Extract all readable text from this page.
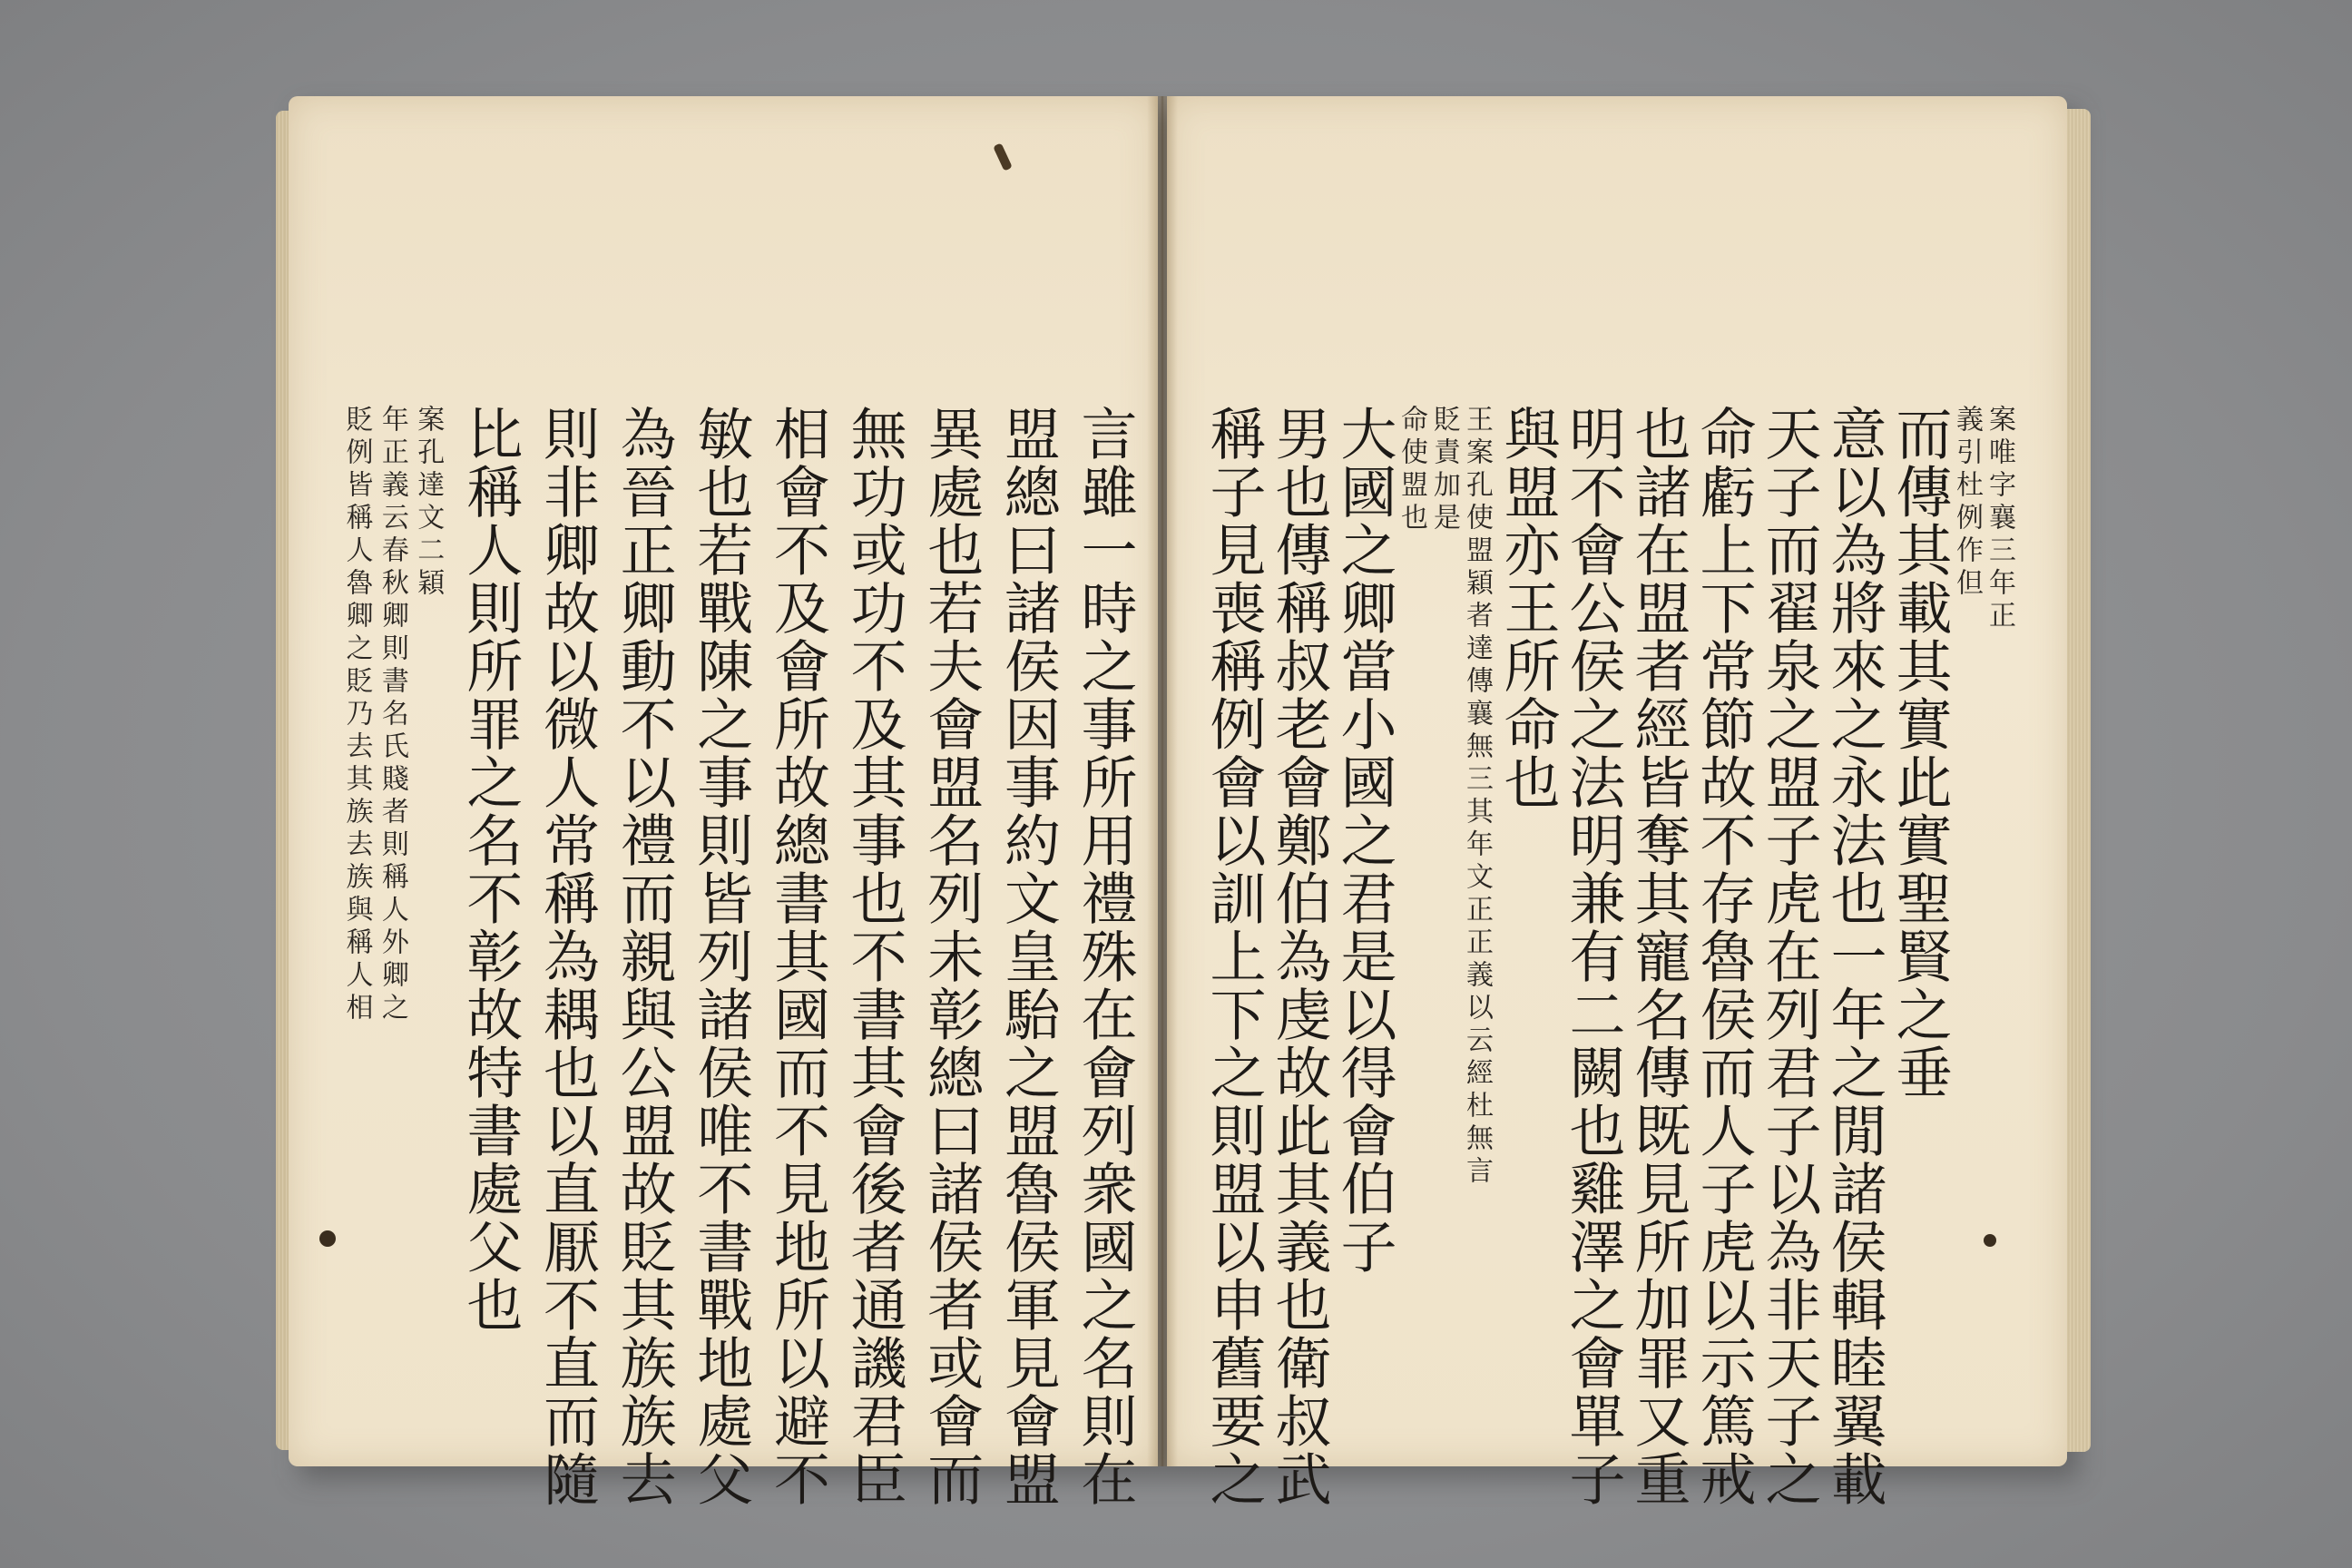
言雖一時之事所用禮殊在會列衆國之名則在
盟總曰諸侯因事約文皇駘之盟魯侯軍見會盟
異處也若夫會盟名列未彰總曰諸侯者或會而
無功或功不及其事也不書其會後者通譏君臣
相會不及會所故總書其國而不見地所以避不
敏也若戰陳之事則皆列諸侯唯不書戰地處父
為晉正卿動不以禮而親與公盟故貶其族族去
則非卿故以微人常稱為耦也以直厭不直而隨
比稱人則所罪之名不彰故特書處父也
案孔達文二穎
年正義云春秋卿則書名氏賤者則稱人外卿之
貶例皆稱人魯卿之貶乃去其族去族與稱人相	案唯字襄三年正
義引杜例作但
而傳其載其實此實聖賢之垂
意以為將來之永法也一年之閒諸侯輯睦翼載
天子而翟泉之盟子虎在列君子以為非天子之
命虧上下常節故不存魯侯而人子虎以示篤戒
也諸在盟者經皆奪其寵名傳既見所加罪又重
明不會公侯之法明兼有二闕也雞澤之會單子
與盟亦王所命也
王案孔使盟穎者達傳襄無三其年文正正義以云經杜無言
貶責加是
命使盟也
大國之卿當小國之君是以得會伯子
男也傳稱叔老會鄭伯為虔故此其義也衛叔武
稱子見喪稱例會以訓上下之則盟以申舊要之
